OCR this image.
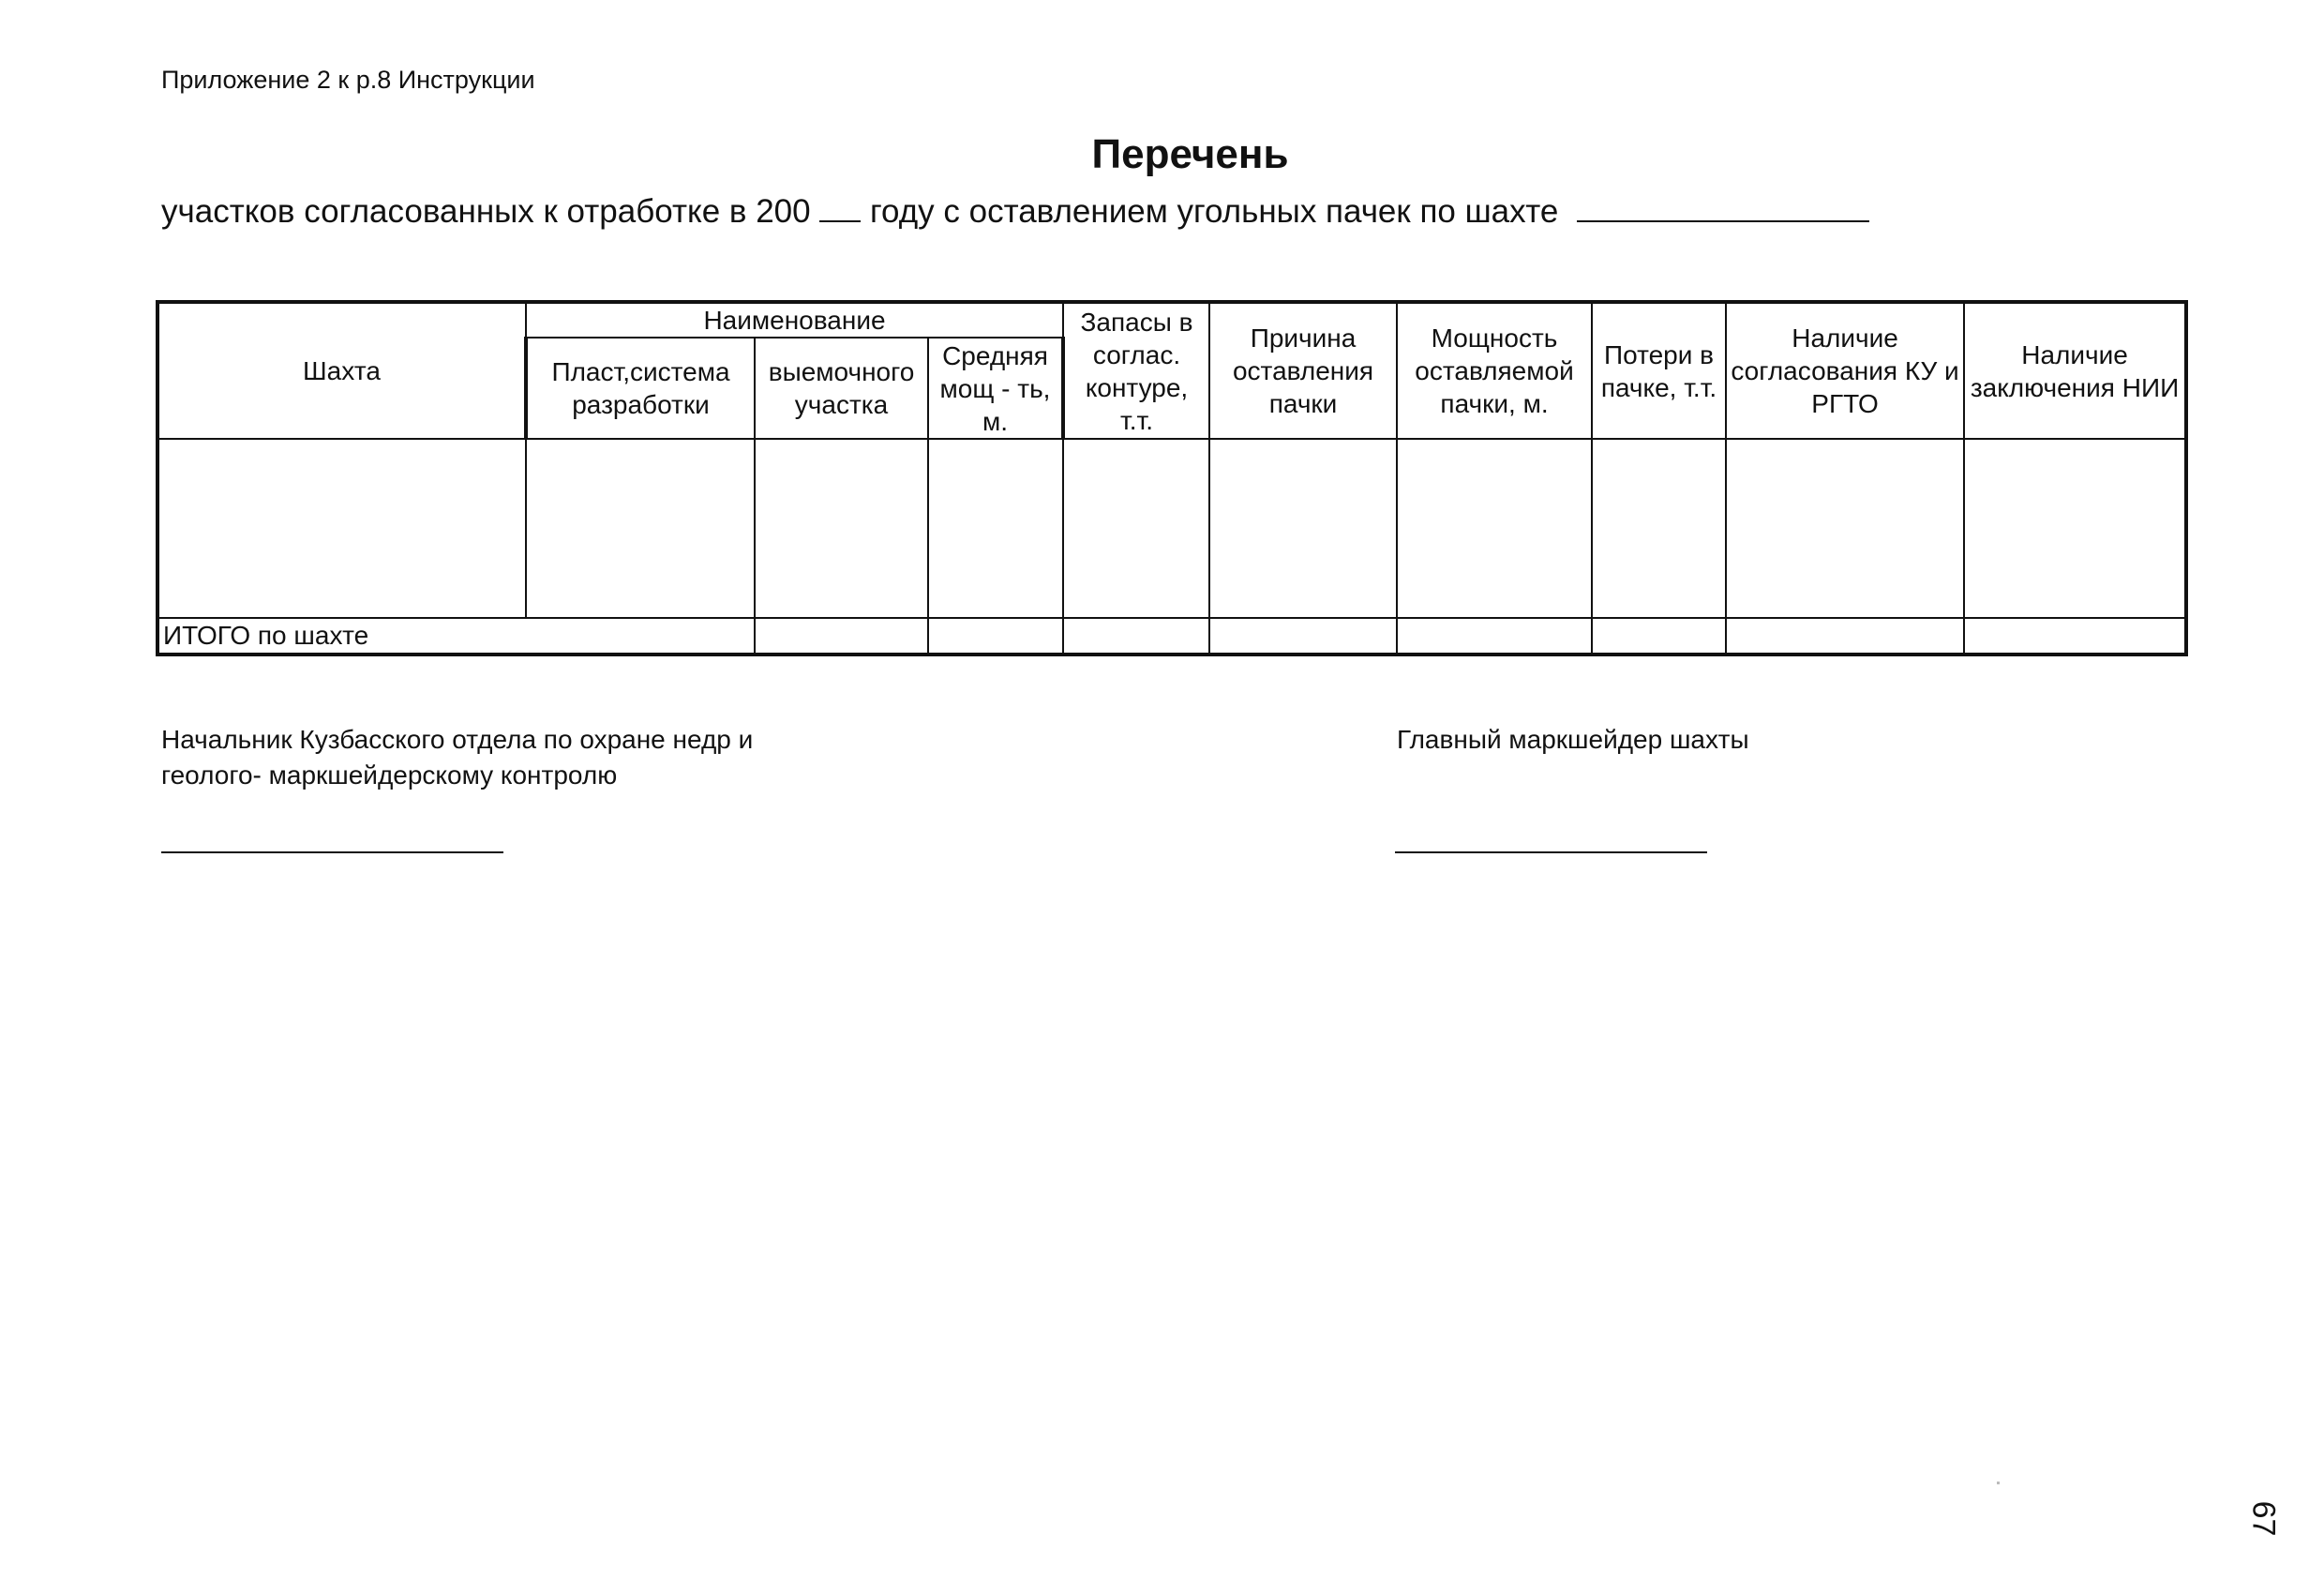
Приложение 2 к р.8 Инструкции
Перечень
участков согласованных к отработке в 200  году с оставлением угольных пачек по шахте
Шахта	Наименование			Запасы в соглас. контуре, т.т.	Причина оставления пачки	Мощность оставляемой пачки, м.	Потери в пачке, т.т.	Наличие согласования КУ и РГТО	Наличие заключения НИИ
	Пласт,система разработки	выемочного участка	Средняя мощ - ть, м.						

ИТОГО по шахте									
Начальник Кузбасского отдела по охране недр и
геолого- маркшейдерскому контролю
Главный маркшейдер шахты
67
